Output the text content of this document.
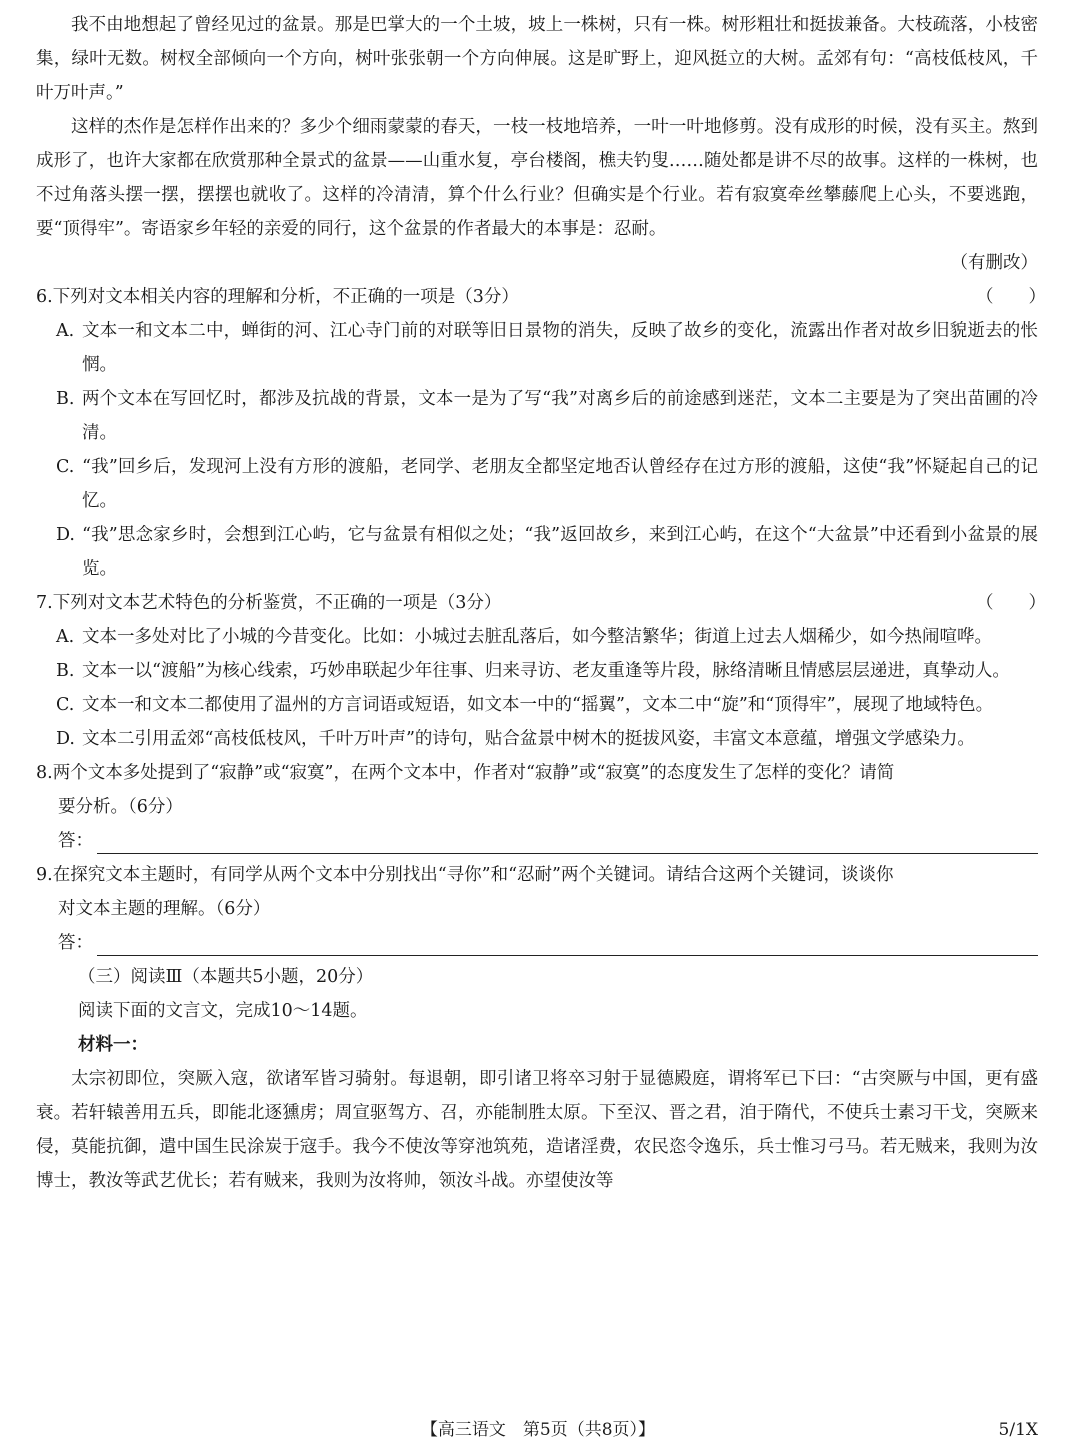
我不由地想起了曾经见过的盆景。那是巴掌大的一个土坡，坡上一株树，只有一株。树形粗壮和挺拔兼备。大枝疏落，小枝密集，绿叶无数。树杈全部倾向一个方向，树叶张张朝一个方向伸展。这是旷野上，迎风挺立的大树。孟郊有句：“高枝低枝风，千叶万叶声。”

这样的杰作是怎样作出来的？多少个细雨蒙蒙的春天，一枝一枝地培养，一叶一叶地修剪。没有成形的时候，没有买主。熬到成形了，也许大家都在欣赏那种全景式的盆景——山重水复，亭台楼阁，樵夫钓叟……随处都是讲不尽的故事。这样的一株树，也不过角落头摆一摆，摆摆也就收了。这样的冷清清，算个什么行业？但确实是个行业。若有寂寞牵丝攀藤爬上心头，不要逃跑，要“顶得牢”。寄语家乡年轻的亲爱的同行，这个盆景的作者最大的本事是：忍耐。

（有删改）

6.下列对文本相关内容的理解和分析，不正确的一项是（3分）	（　　）
A. 文本一和文本二中，蝉街的河、江心寺门前的对联等旧日景物的消失，反映了故乡的变化，流露出作者对故乡旧貌逝去的怅惘。
B. 两个文本在写回忆时，都涉及抗战的背景，文本一是为了写“我”对离乡后的前途感到迷茫，文本二主要是为了突出苗圃的冷清。
C. “我”回乡后，发现河上没有方形的渡船，老同学、老朋友全都坚定地否认曾经存在过方形的渡船，这使“我”怀疑起自己的记忆。
D. “我”思念家乡时，会想到江心屿，它与盆景有相似之处；“我”返回故乡，来到江心屿，在这个“大盆景”中还看到小盆景的展览。
7.下列对文本艺术特色的分析鉴赏，不正确的一项是（3分）	（　　）
A. 文本一多处对比了小城的今昔变化。比如：小城过去脏乱落后，如今整洁繁华；街道上过去人烟稀少，如今热闹喧哗。
B. 文本一以“渡船”为核心线索，巧妙串联起少年往事、归来寻访、老友重逢等片段，脉络清晰且情感层层递进，真挚动人。
C. 文本一和文本二都使用了温州的方言词语或短语，如文本一中的“摇翼”，文本二中“旋”和“顶得牢”，展现了地域特色。
D. 文本二引用孟郊“高枝低枝风，千叶万叶声”的诗句，贴合盆景中树木的挺拔风姿，丰富文本意蕴，增强文学感染力。

8.两个文本多处提到了“寂静”或“寂寞”，在两个文本中，作者对“寂静”或“寂寞”的态度发生了怎样的变化？请简

要分析。（6分）

答：

9.在探究文本主题时，有同学从两个文本中分别找出“寻你”和“忍耐”两个关键词。请结合这两个关键词，谈谈你

对文本主题的理解。（6分）

答：

（三）阅读Ⅲ（本题共5小题，20分）

阅读下面的文言文，完成10～14题。

材料一：

太宗初即位，突厥入寇，欲诸军皆习骑射。每退朝，即引诸卫将卒习射于显德殿庭，谓将军已下曰：“古突厥与中国，更有盛衰。若轩辕善用五兵，即能北逐獯虏；周宣驱驾方、召，亦能制胜太原。下至汉、晋之君，洎于隋代，不使兵士素习干戈，突厥来侵，莫能抗御，遣中国生民涂炭于寇手。我今不使汝等穿池筑苑，造诸淫费，农民恣令逸乐，兵士惟习弓马。若无贼来，我则为汝博士，教汝等武艺优长；若有贼来，我则为汝将帅，领汝斗战。亦望使汝等

【高三语文　第5页（共8页）】	5/1X
